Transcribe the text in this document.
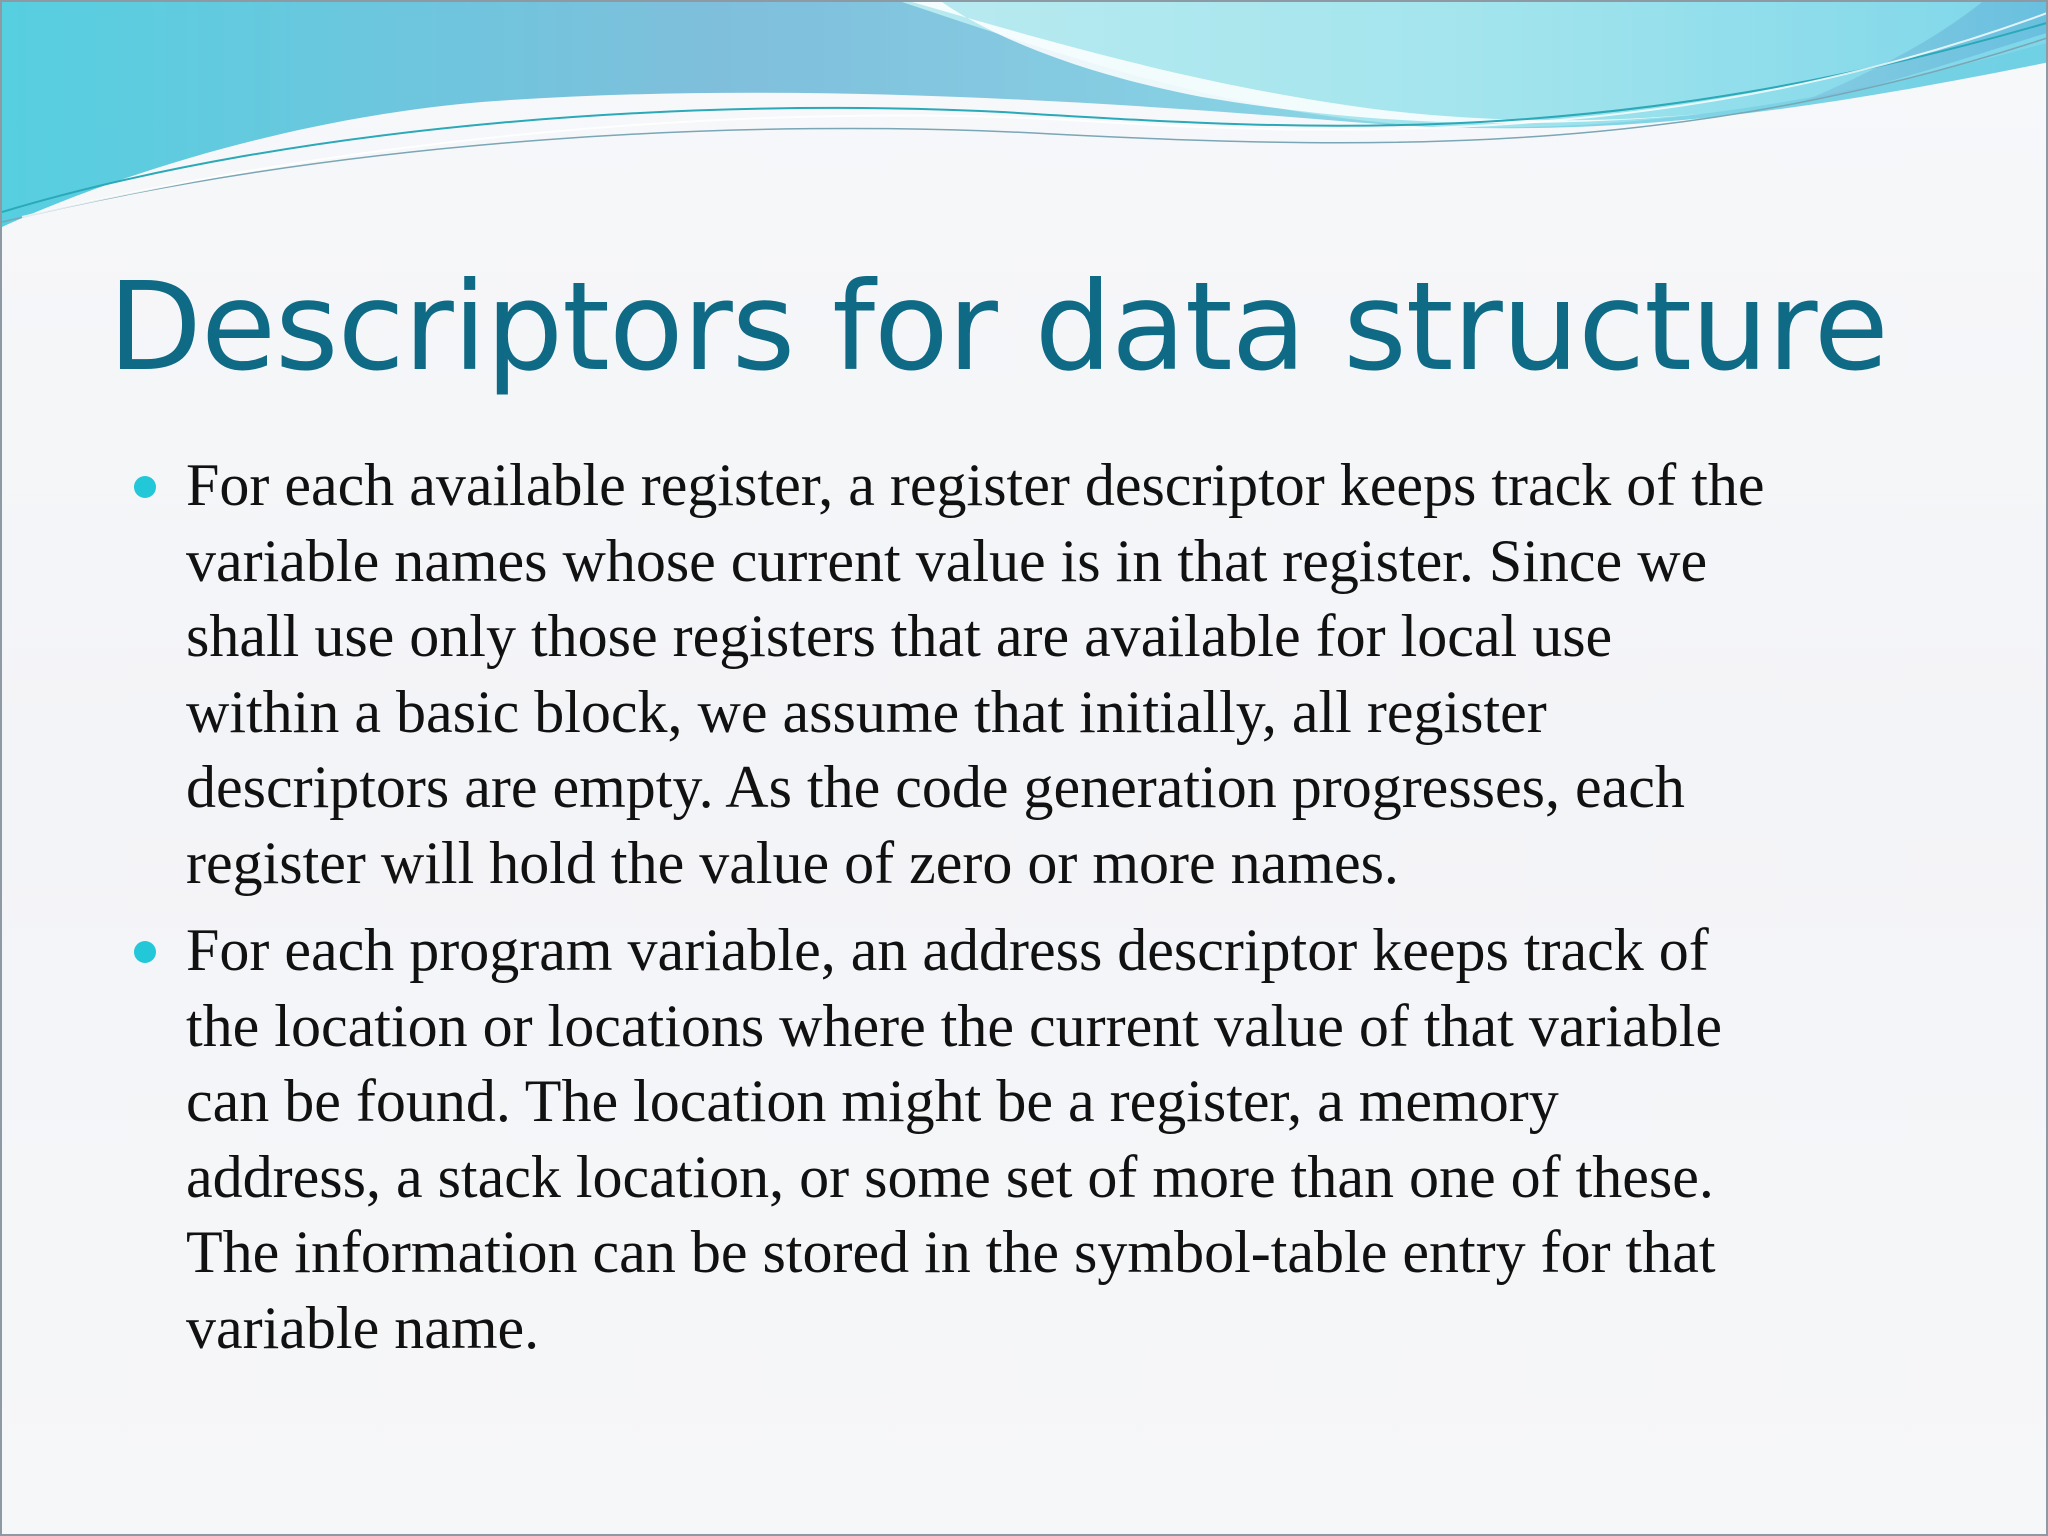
Descriptors for data structure
For each available register, a register descriptor keeps track of the
variable names whose current value is in that register. Since we
shall use only those registers that are available for local use
within a basic block, we assume that initially, all register
descriptors are empty. As the code generation progresses, each
register will hold the value of zero or more names.
For each program variable, an address descriptor keeps track of
the location or locations where the current value of that variable
can be found. The location might be a register, a memory
address, a stack location, or some set of more than one of these.
The information can be stored in the symbol-table entry for that
variable name.
